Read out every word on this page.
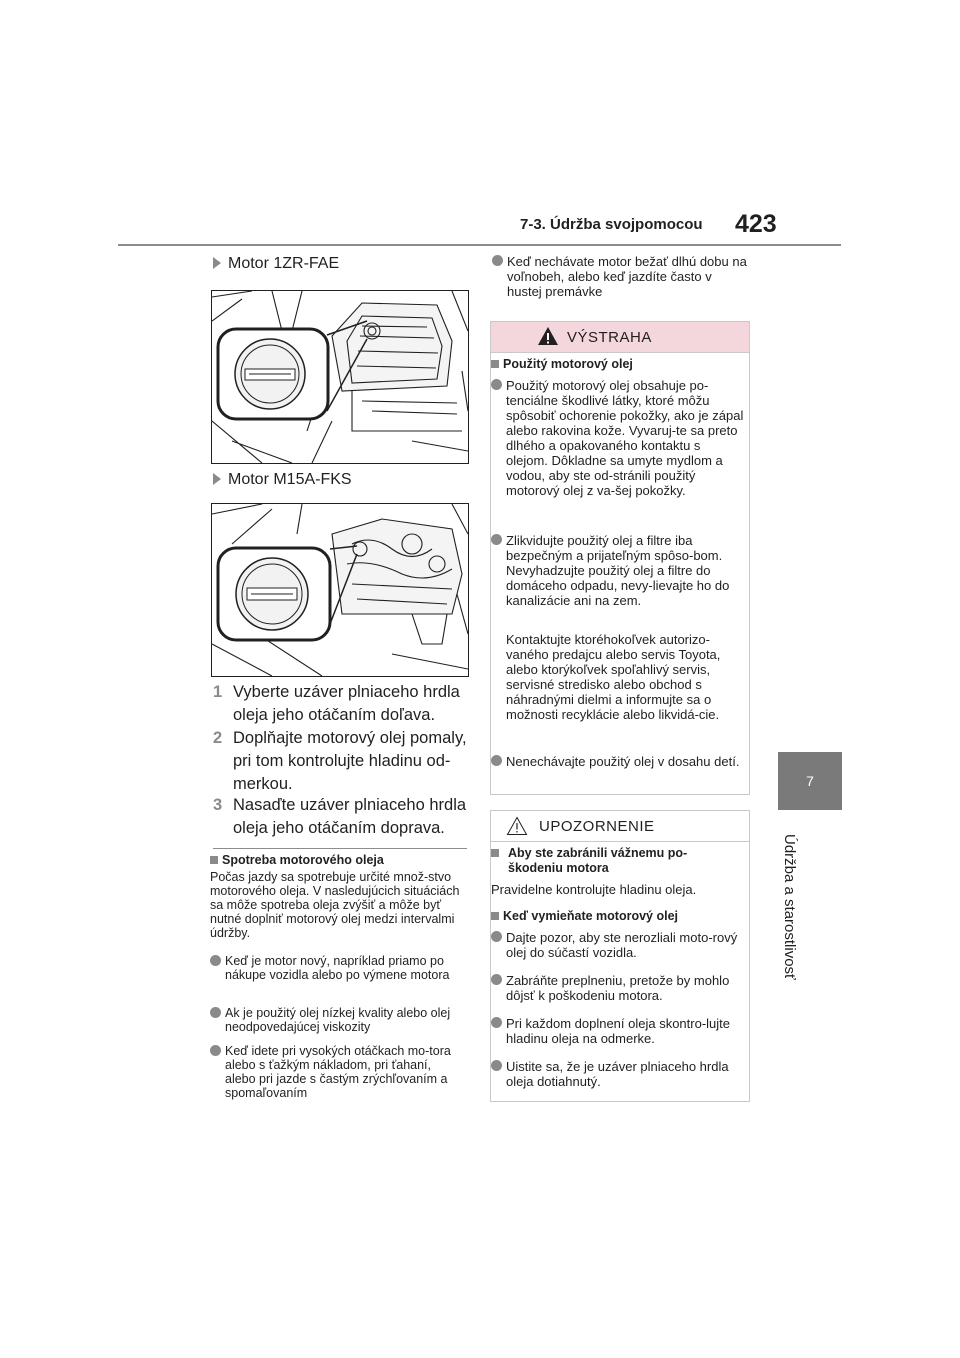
7-3. Údržba svojpomocou 423
7
Údržba a starostlivosť
Motor 1ZR-FAE
Motor M15A-FKS
1 Vyberte uzáver plniaceho hrdla oleja jeho otáčaním doľava.
2 Doplňajte motorový olej pomaly, pri tom kontrolujte hladinu od-merkou.
3 Nasaďte uzáver plniaceho hrdla oleja jeho otáčaním doprava.
Spotreba motorového oleja
Počas jazdy sa spotrebuje určité množ-stvo motorového oleja. V nasledujúcich situáciách sa môže spotreba oleja zvýšiť a môže byť nutné doplniť motorový olej medzi intervalmi údržby.
Keď je motor nový, napríklad priamo po nákupe vozidla alebo po výmene motora
Ak je použitý olej nízkej kvality alebo olej neodpovedajúcej viskozity
Keď idete pri vysokých otáčkach mo-tora alebo s ťažkým nákladom, pri ťahaní, alebo pri jazde s častým zrýchľovaním a spomaľovaním
Keď nechávate motor bežať dlhú dobu na voľnobeh, alebo keď jazdíte často v hustej premávke
VÝSTRAHA
Použitý motorový olej
Použitý motorový olej obsahuje po-tenciálne škodlivé látky, ktoré môžu spôsobiť ochorenie pokožky, ako je zápal alebo rakovina kože. Vyvaruj-te sa preto dlhého a opakovaného kontaktu s olejom. Dôkladne sa umyte mydlom a vodou, aby ste od-stránili použitý motorový olej z va-šej pokožky.
Zlikvidujte použitý olej a filtre iba bezpečným a prijateľným spôso-bom. Nevyhadzujte použitý olej a filtre do domáceho odpadu, nevy-lievajte ho do kanalizácie ani na zem.
Kontaktujte ktoréhokoľvek autorizo-vaného predajcu alebo servis Toyota, alebo ktorýkoľvek spoľahlivý servis, servisné stredisko alebo obchod s náhradnými dielmi a informujte sa o možnosti recyklácie alebo likvidá-cie.
Nenechávajte použitý olej v dosahu detí.
UPOZORNENIE
Aby ste zabránili vážnemu po-škodeniu motora
Pravidelne kontrolujte hladinu oleja.
Keď vymieňate motorový olej
Dajte pozor, aby ste nerozliali moto-rový olej do súčastí vozidla.
Zabráňte preplneniu, pretože by mohlo dôjsť k poškodeniu motora.
Pri každom doplnení oleja skontro-lujte hladinu oleja na odmerke.
Uistite sa, že je uzáver plniaceho hrdla oleja dotiahnutý.
